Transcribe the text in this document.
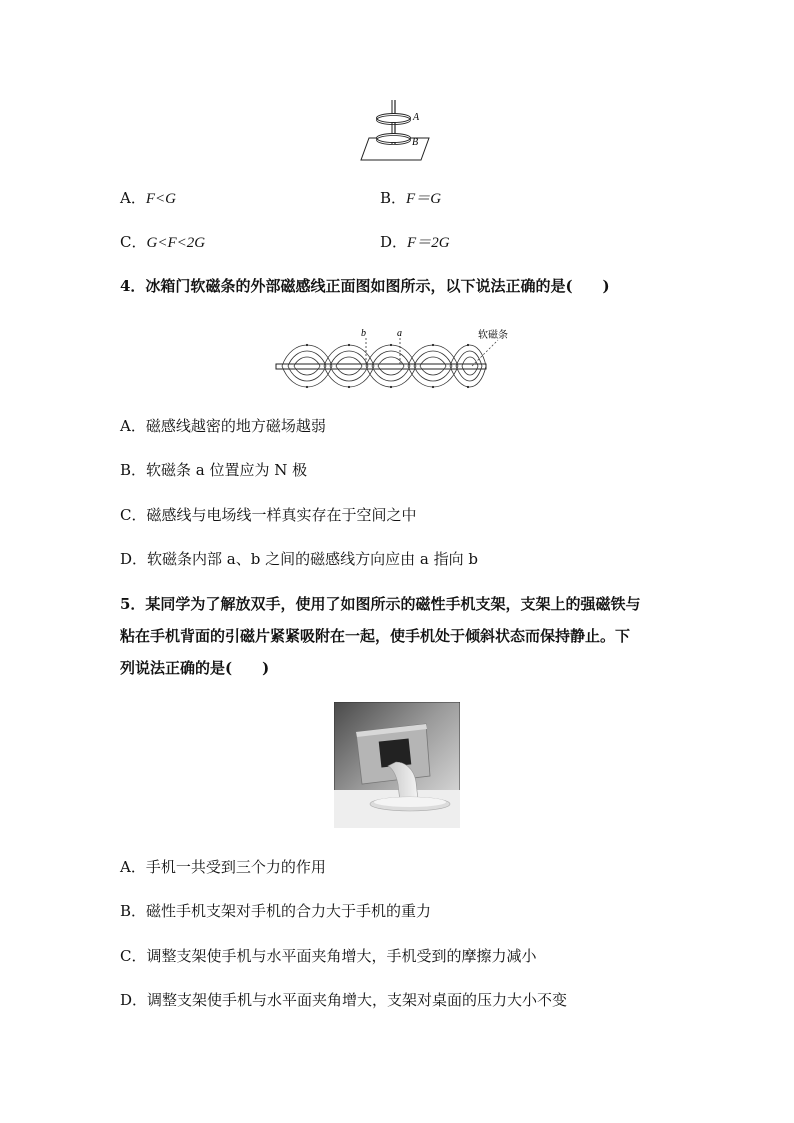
A
B
A．F<G	B．F＝G
C．G<F<2G	D．F＝2G
4．冰箱门软磁条的外部磁感线正面图如图所示，以下说法正确的是(　　)
b	a	软磁条
A．磁感线越密的地方磁场越弱
B．软磁条 a 位置应为 N 极
C．磁感线与电场线一样真实存在于空间之中
D．软磁条内部 a、b 之间的磁感线方向应由 a 指向 b
5．某同学为了解放双手，使用了如图所示的磁性手机支架，支架上的强磁铁与
粘在手机背面的引磁片紧紧吸附在一起，使手机处于倾斜状态而保持静止。下
列说法正确的是(　　)
A．手机一共受到三个力的作用
B．磁性手机支架对手机的合力大于手机的重力
C．调整支架使手机与水平面夹角增大，手机受到的摩擦力减小
D．调整支架使手机与水平面夹角增大，支架对桌面的压力大小不变
